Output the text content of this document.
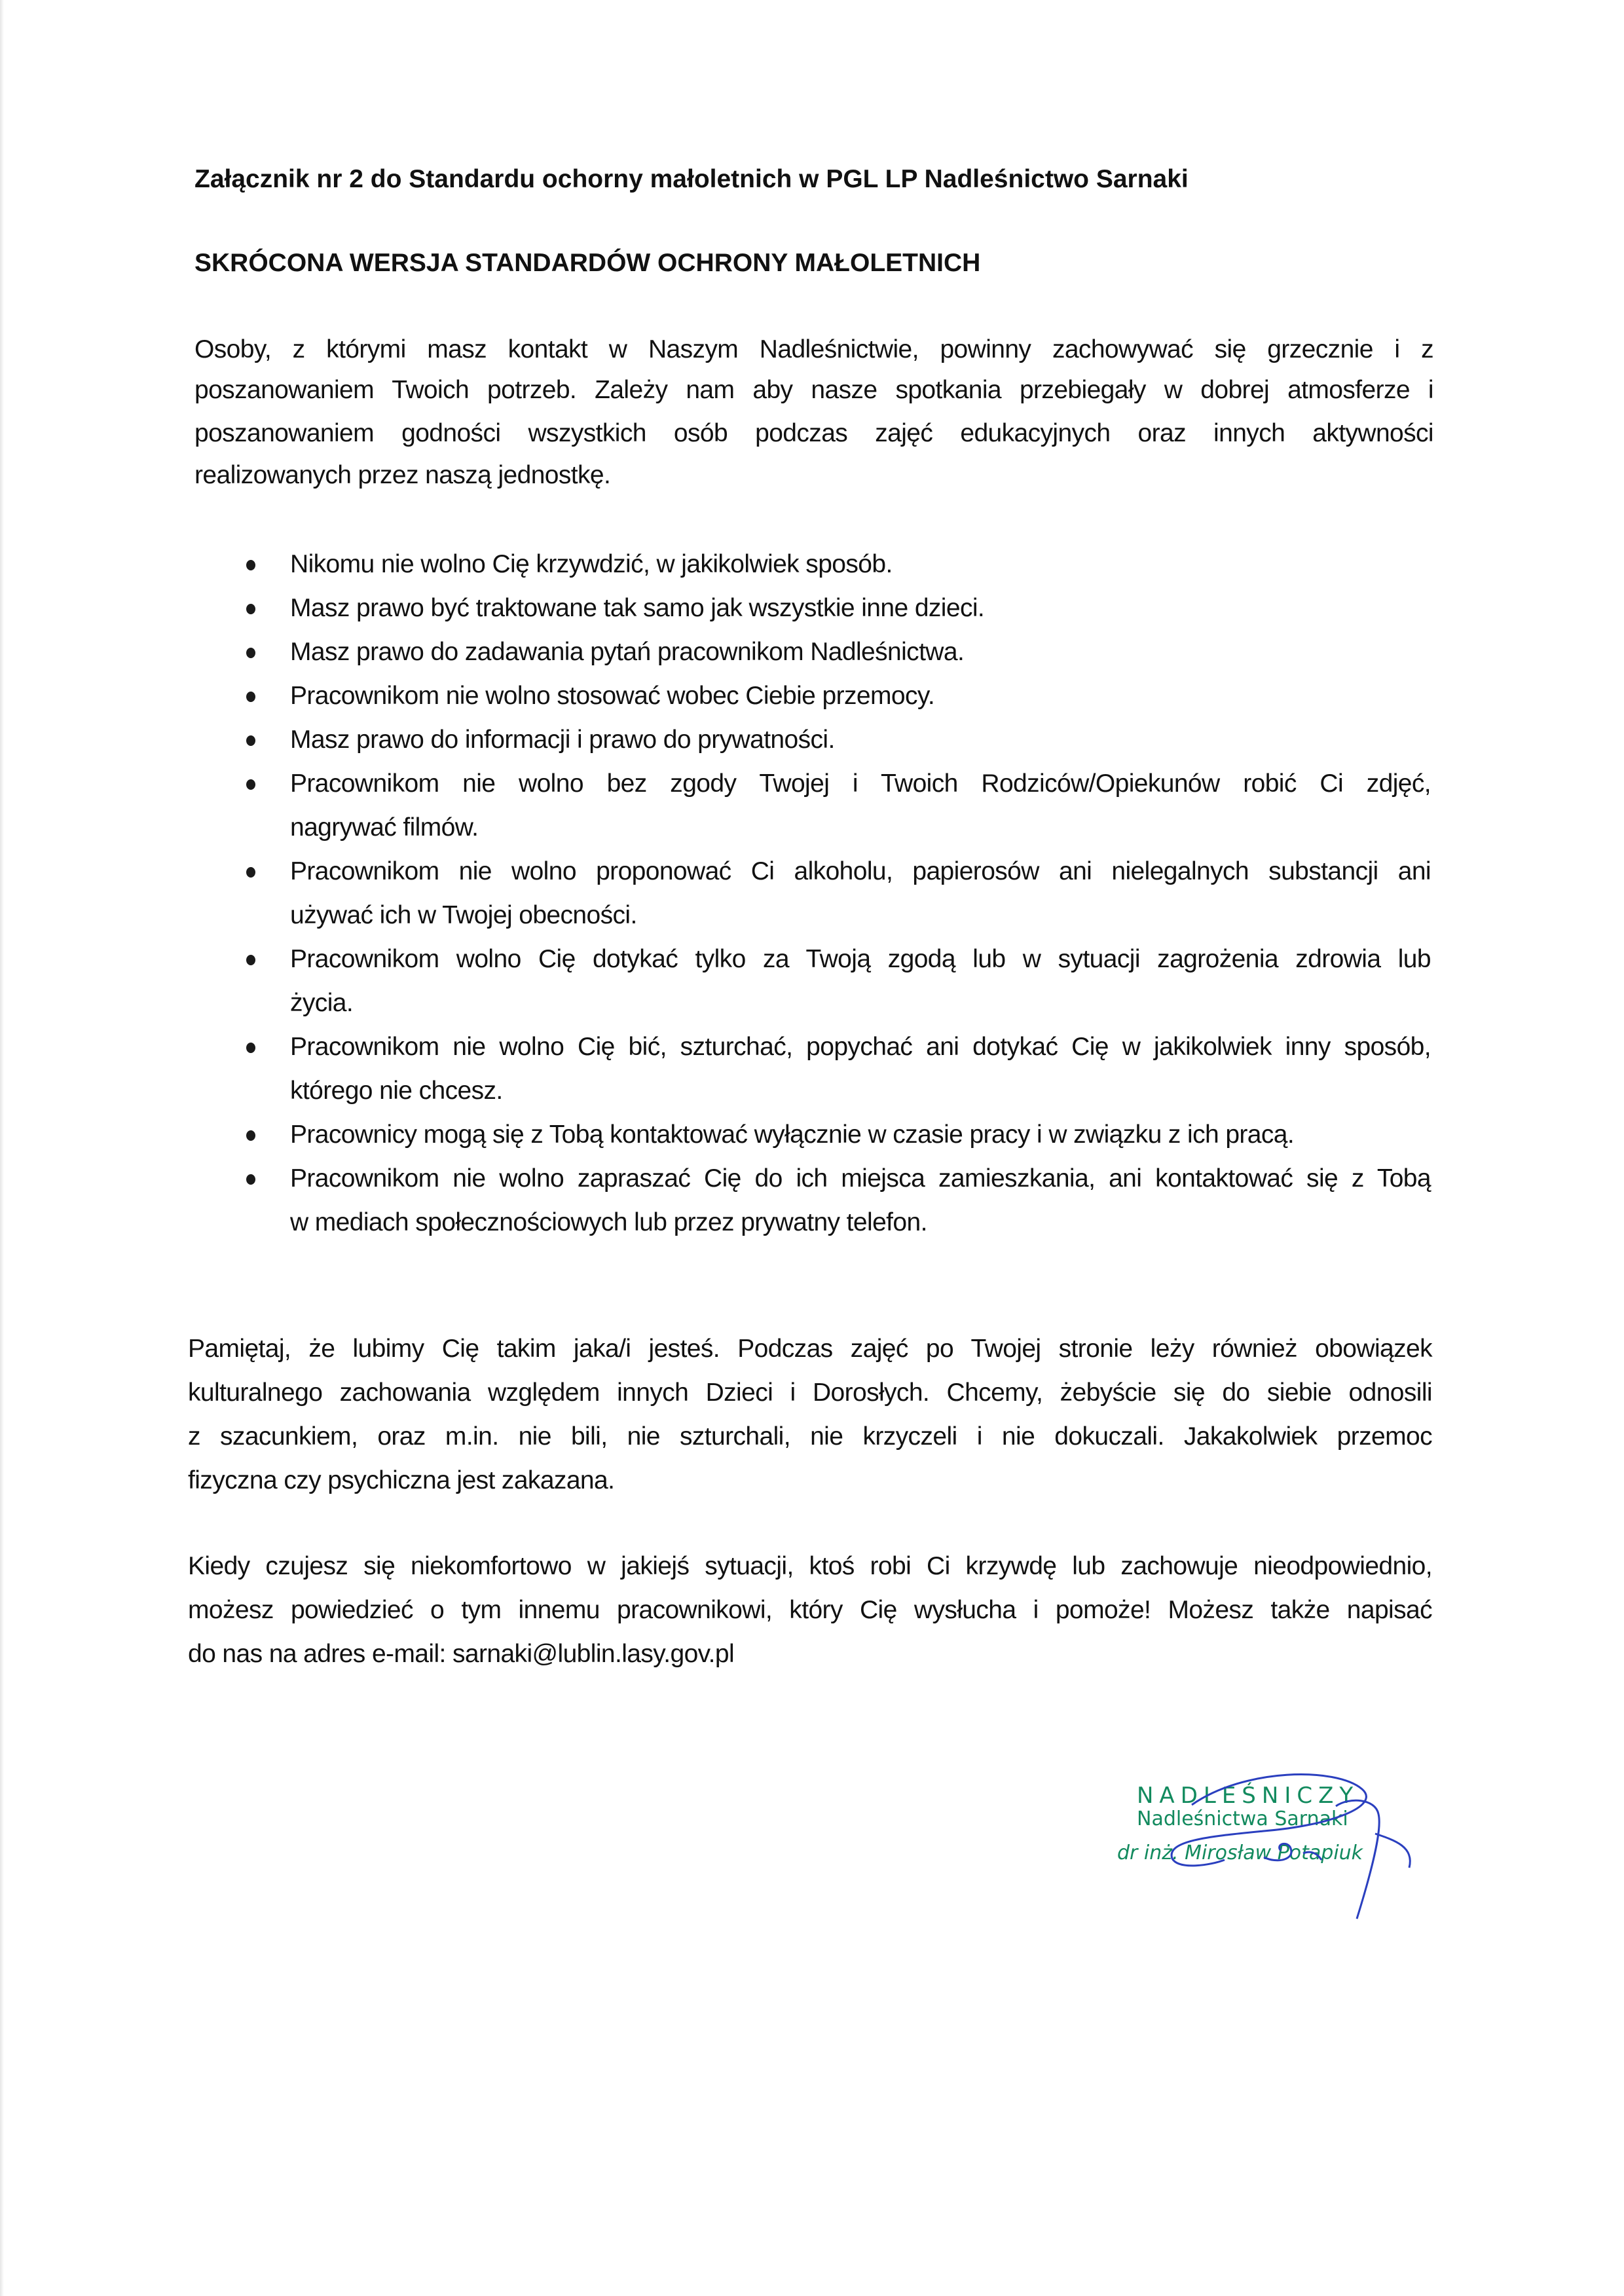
Załącznik nr 2 do Standardu ochorny małoletnich w PGL LP Nadleśnictwo Sarnaki
SKRÓCONA WERSJA STANDARDÓW OCHRONY MAŁOLETNICH
Osoby, z którymi masz kontakt w Naszym Nadleśnictwie, powinny zachowywać się grzecznie i z
poszanowaniem Twoich potrzeb. Zależy nam aby nasze spotkania przebiegały w dobrej atmosferze i
poszanowaniem godności wszystkich osób podczas zajęć edukacyjnych oraz innych aktywności
realizowanych przez naszą jednostkę.
Nikomu nie wolno Cię krzywdzić, w jakikolwiek sposób.
Masz prawo być traktowane tak samo jak wszystkie inne dzieci.
Masz prawo do zadawania pytań pracownikom Nadleśnictwa.
Pracownikom nie wolno stosować wobec Ciebie przemocy.
Masz prawo do informacji i prawo do prywatności.
Pracownikom nie wolno bez zgody Twojej i Twoich Rodziców/Opiekunów robić Ci zdjęć,
nagrywać filmów.
Pracownikom nie wolno proponować Ci alkoholu, papierosów ani nielegalnych substancji ani
używać ich w Twojej obecności.
Pracownikom wolno Cię dotykać tylko za Twoją zgodą lub w sytuacji zagrożenia zdrowia lub
życia.
Pracownikom nie wolno Cię bić, szturchać, popychać ani dotykać Cię w jakikolwiek inny sposób,
którego nie chcesz.
Pracownicy mogą się z Tobą kontaktować wyłącznie w czasie pracy i w związku z ich pracą.
Pracownikom nie wolno zapraszać Cię do ich miejsca zamieszkania, ani kontaktować się z Tobą
w mediach społecznościowych lub przez prywatny telefon.
Pamiętaj, że lubimy Cię takim jaka/i jesteś. Podczas zajęć po Twojej stronie leży również obowiązek
kulturalnego zachowania względem innych Dzieci i Dorosłych. Chcemy, żebyście się do siebie odnosili
z szacunkiem, oraz m.in. nie bili, nie szturchali, nie krzyczeli i nie dokuczali. Jakakolwiek przemoc
fizyczna czy psychiczna jest zakazana.
Kiedy czujesz się niekomfortowo w jakiejś sytuacji, ktoś robi Ci krzywdę lub zachowuje nieodpowiednio,
możesz powiedzieć o tym innemu pracownikowi, który Cię wysłucha i pomoże! Możesz także napisać
do nas na adres e-mail: sarnaki@lublin.lasy.gov.pl
NADLEŚNICZY
Nadleśnictwa Sarnaki
dr inż. Mirosław Potapiuk
